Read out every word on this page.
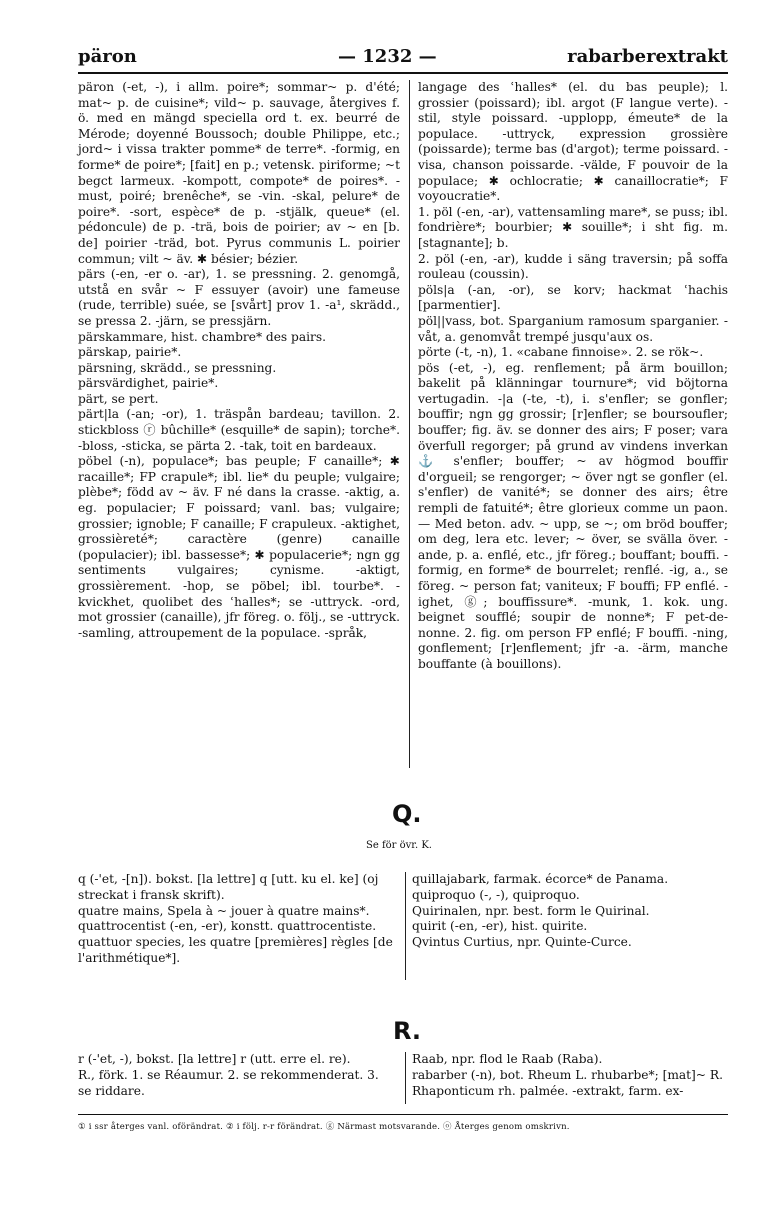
päron	— 1232 —	rabarberextrakt

päron (-et, -), i allm. poire*; sommar~ p. d'été; mat~ p. de cuisine*; vild~ p. sauvage, återgives f. ö. med en mängd speciella ord t. ex. beurré de Mérode; doyenné Boussoch; double Philippe, etc.; jord~ i vissa trakter pomme* de terre*. -formig, en forme* de poire*; [fait] en p.; vetensk. piriforme; ~t begct larmeux. -kompott, compote* de poires*. -must, poiré; brenêche*, se -vin. -skal, pelure* de poire*. -sort, espèce* de p. -stjälk, queue* (el. pédoncule) de p. -trä, bois de poirier; av ~ en [b. de] poirier -träd, bot. Pyrus communis L. poirier commun; vilt ~ äv. ✱ bésier; bézier.

pärs (-en, -er o. -ar), 1. se pressning. 2. genomgå, utstå en svår ~ F essuyer (avoir) une fameuse (rude, terrible) suée, se [svårt] prov 1. -a¹, skrädd., se pressa 2. -järn, se pressjärn.

pärskammare, hist. chambre* des pairs.

pärskap, pairie*.

pärsning, skrädd., se pressning.

pärsvärdighet, pairie*.

pärt, se pert.

pärt|la (-an; -or), 1. träspån bardeau; tavillon. 2. stickbloss ⓡ bûchille* (esquille* de sapin); torche*. -bloss, -sticka, se pärta 2. -tak, toit en bardeaux.

pöbel (-n), populace*; bas peuple; F canaille*; ✱ racaille*; FP crapule*; ibl. lie* du peuple; vulgaire; plèbe*; född av ~ äv. F né dans la crasse. -aktig, a. eg. populacier; F poissard; vanl. bas; vulgaire; grossier; ignoble; F canaille; F crapuleux. -aktighet, grossièreté*; caractère (genre) canaille (populacier); ibl. bassesse*; ✱ populacerie*; ngn gg sentiments vulgaires; cynisme. -aktigt, grossièrement. -hop, se pöbel; ibl. tourbe*. -kvickhet, quolibet des ʿhalles*; se -uttryck. -ord, mot grossier (canaille), jfr föreg. o. följ., se -uttryck. -samling, attroupement de la populace. -språk,

langage des ʿhalles* (el. du bas peuple); l. grossier (poissard); ibl. argot (F langue verte). -stil, style poissard. -upplopp, émeute* de la populace. -uttryck, expression grossière (poissarde); terme bas (d'argot); terme poissard. -visa, chanson poissarde. -välde, F pouvoir de la populace; ✱ ochlocratie; ✱ canaillocratie*; F voyoucratie*.

1. pöl (-en, -ar), vattensamling mare*, se puss; ibl. fondrière*; bourbier; ✱ souille*; i sht fig. m. [stagnante]; b.

2. pöl (-en, -ar), kudde i säng traversin; på soffa rouleau (coussin).

pöls|a (-an, -or), se korv; hackmat ʿhachis [parmentier].

pöl||vass, bot. Sparganium ramosum sparganier. -våt, a. genomvåt trempé jusqu'aux os.

pörte (-t, -n), 1. «cabane finnoise». 2. se rök~.

pös (-et, -), eg. renflement; på ärm bouillon; bakelit på klänningar tournure*; vid böjtorna vertugadin. -|a (-te, -t), i. s'enfler; se gonfler; bouffir; ngn gg grossir; [r]enfler; se boursoufler; bouffer; fig. äv. se donner des airs; F poser; vara överfull regorger; på grund av vindens inverkan ⚓ s'enfler; bouffer; ~ av högmod bouffir d'orgueil; se rengorger; ~ över ngt se gonfler (el. s'enfler) de vanité*; se donner des airs; être rempli de fatuité*; être glorieux comme un paon. — Med beton. adv. ~ upp, se ~; om bröd bouffer; om deg, lera etc. lever; ~ över, se svälla över. -ande, p. a. enflé, etc., jfr föreg.; bouffant; bouffi. -formig, en forme* de bourrelet; renflé. -ig, a., se föreg. ~ person fat; vaniteux; F bouffi; FP enflé. -ighet, ⓖ; bouffissure*. -munk, 1. kok. ung. beignet soufflé; soupir de nonne*; F pet-de-nonne. 2. fig. om person FP enflé; F bouffi. -ning, gonflement; [r]enflement; jfr -a. -ärm, manche bouffante (à bouillons).

Q.
Se för övr. K.

q (-'et, -[n]). bokst. [la lettre] q [utt. ku el. ke] (oj streckat i fransk skrift).

quatre mains, Spela à ~ jouer à quatre mains*.

quattrocentist (-en, -er), konstt. quattrocentiste.

quattuor species, les quatre [premières] règles [de l'arithmétique*].

quillajabark, farmak. écorce* de Panama.

quiproquo (-, -), quiproquo.

Quirinalen, npr. best. form le Quirinal.

quirit (-en, -er), hist. quirite.

Qvintus Curtius, npr. Quinte-Curce.

R.

r (-'et, -), bokst. [la lettre] r (utt. erre el. re).

R., förk. 1. se Réaumur. 2. se rekommenderat. 3. se riddare.

Raab, npr. flod le Raab (Raba).

rabarber (-n), bot. Rheum L. rhubarbe*; [mat]~ R. Rhaponticum rh. palmée. -extrakt, farm. ex-

① i ssr återges vanl. oförändrat. ② i följ. r-r förändrat. ⓖ Närmast motsvarande. ⓞ Återges genom omskrivn.
